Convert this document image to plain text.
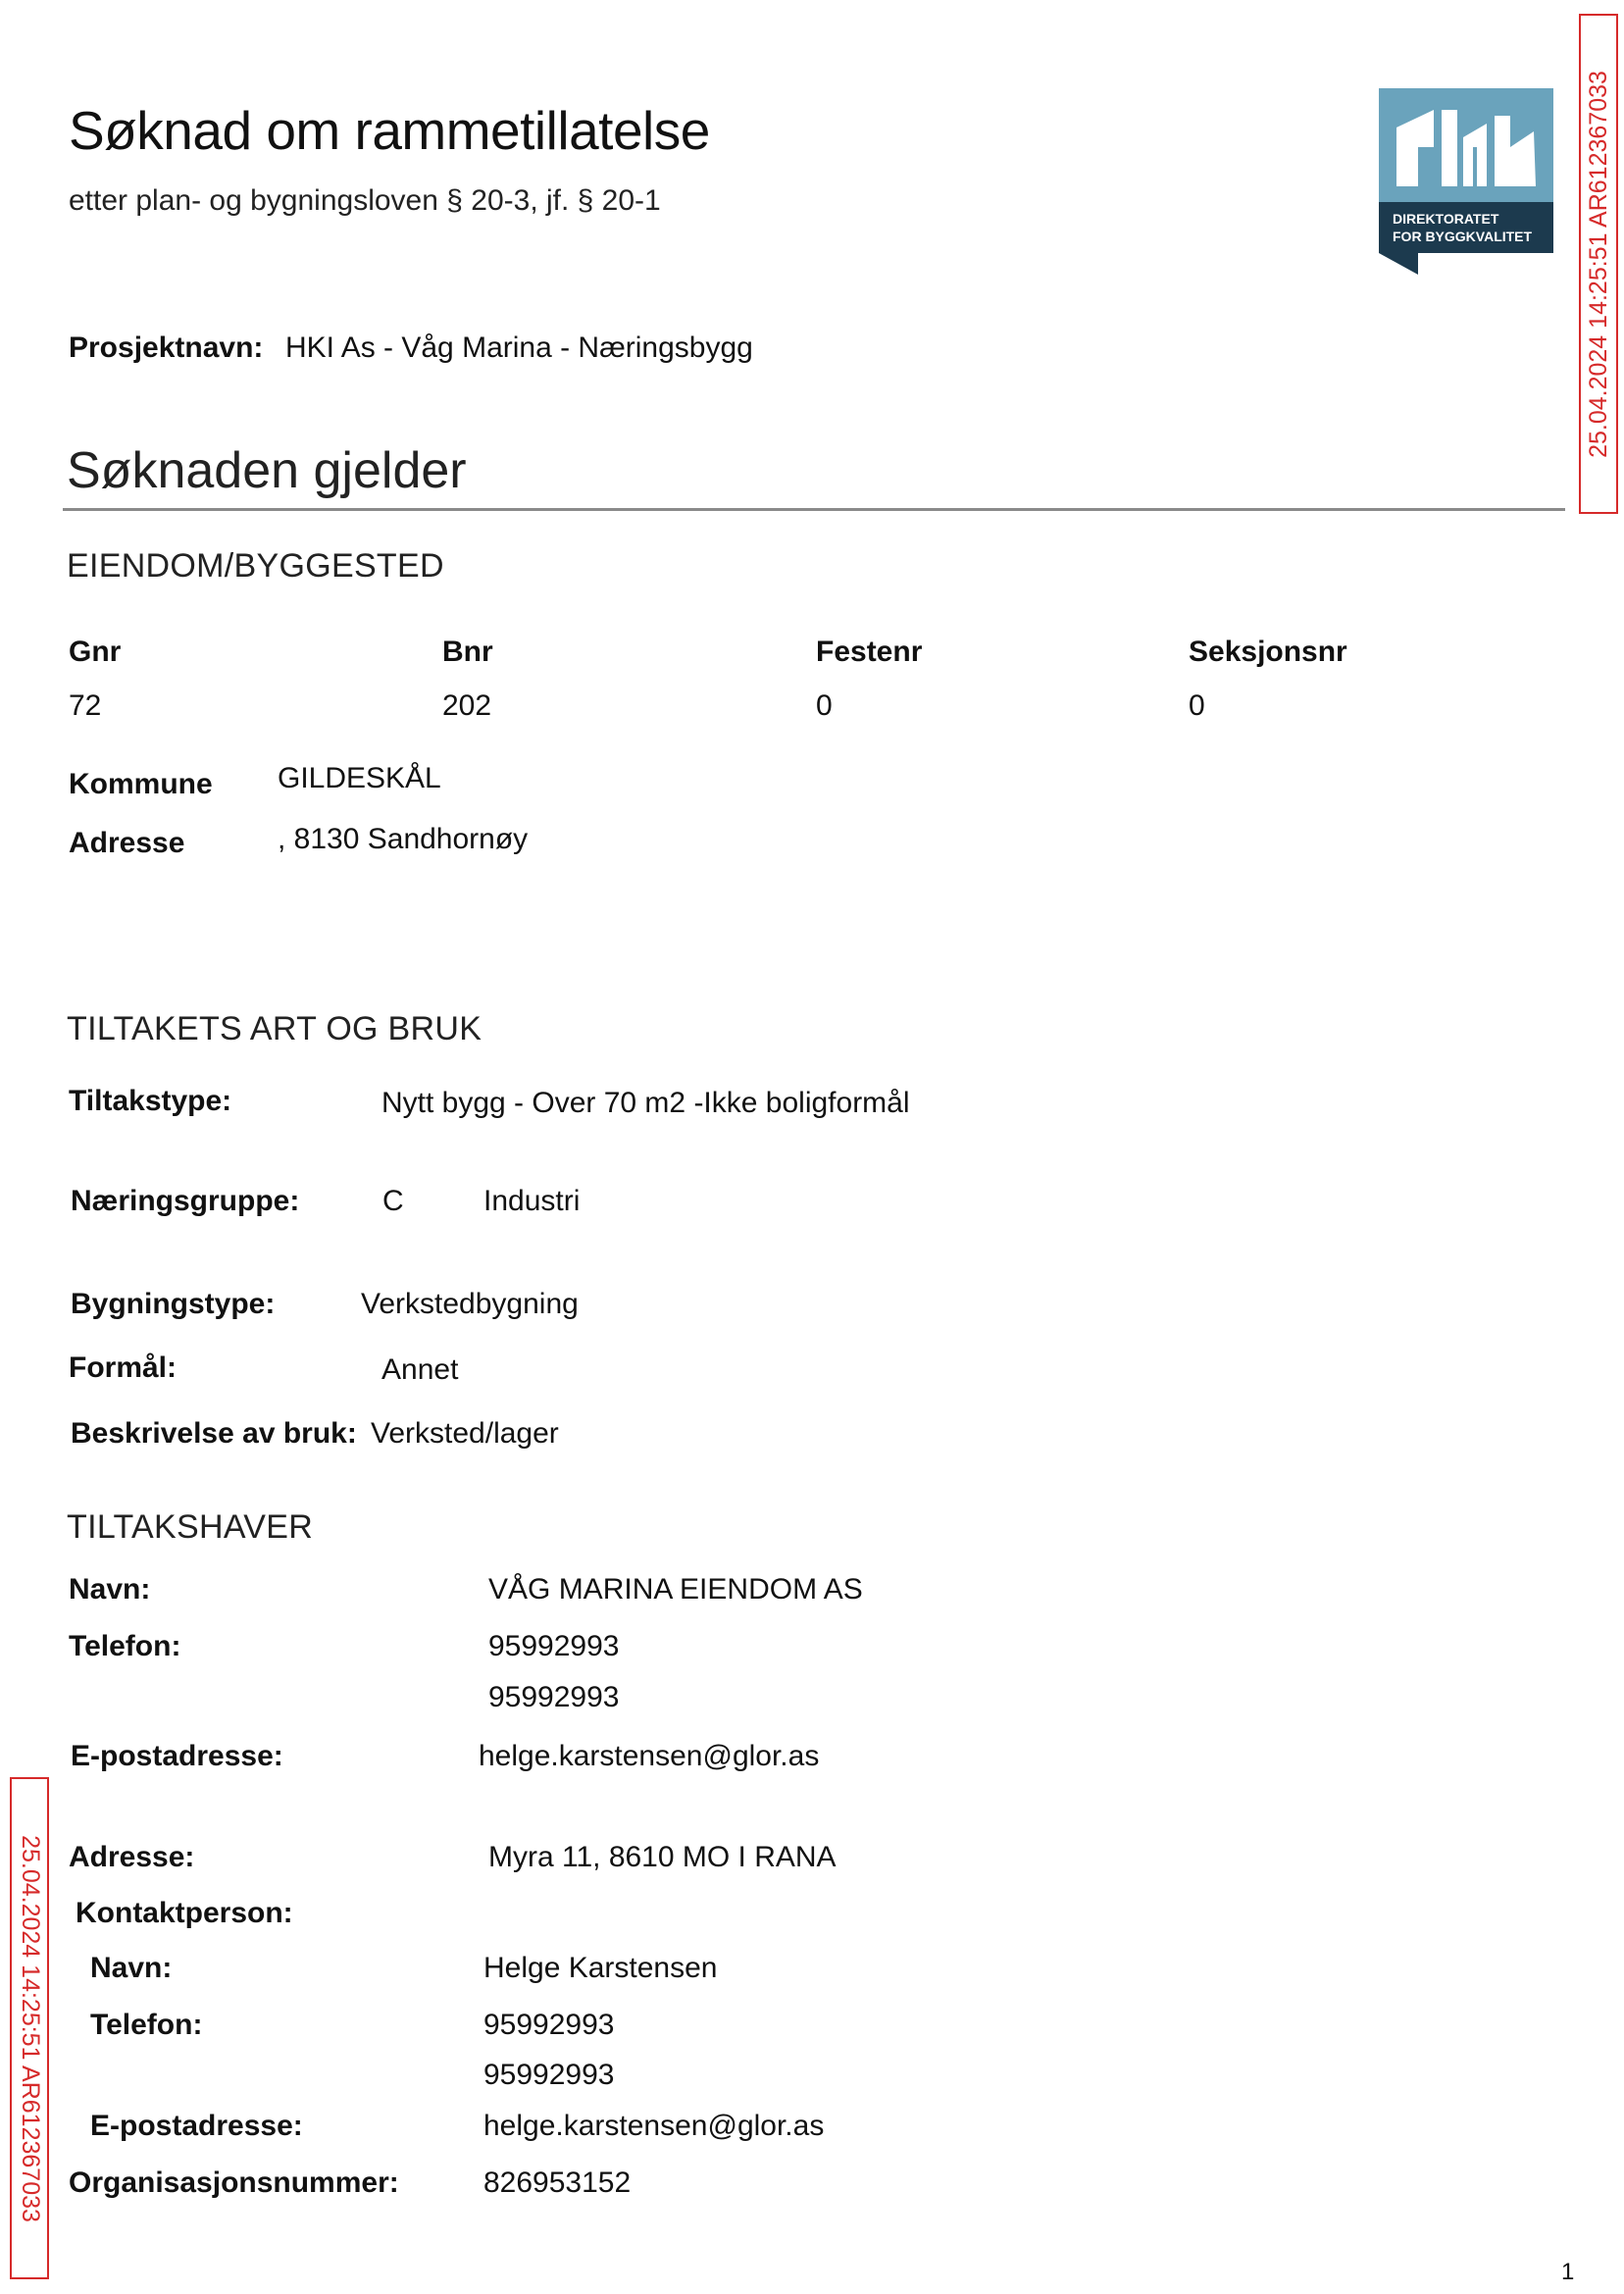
Søknad om rammetillatelse
etter plan- og bygningsloven § 20-3, jf. § 20-1
Prosjektnavn: HKI As - Våg Marina - Næringsbygg
DIREKTORATET
FOR BYGGKVALITET 25.04.2024 14:25:51 AR612367033
25.04.2024 14:25:51 AR612367033
Søknaden gjelder
EIENDOM/BYGGESTED
Gnr	Bnr	Festenr	Seksjonsnr
72	202	0	0
Kommune GILDESKÅL
Adresse	, 8130 Sandhornøy
TILTAKETS ART OG BRUK
Tiltakstype:	Nytt bygg - Over 70 m2 -Ikke boligformål
Næringsgruppe:	C	Industri
Bygningstype:	Verkstedbygning
Formål:	Annet
Beskrivelse av bruk: Verksted/lager
TILTAKSHAVER
Navn:	VÅG MARINA EIENDOM AS
Telefon:	95992993
95992993
E-postadresse:	helge.karstensen@glor.as
Adresse:	Myra 11, 8610 MO I RANA
Kontaktperson:
Navn:	Helge Karstensen
Telefon:	95992993
95992993
E-postadresse:	helge.karstensen@glor.as
Organisasjonsnummer:	826953152
1
